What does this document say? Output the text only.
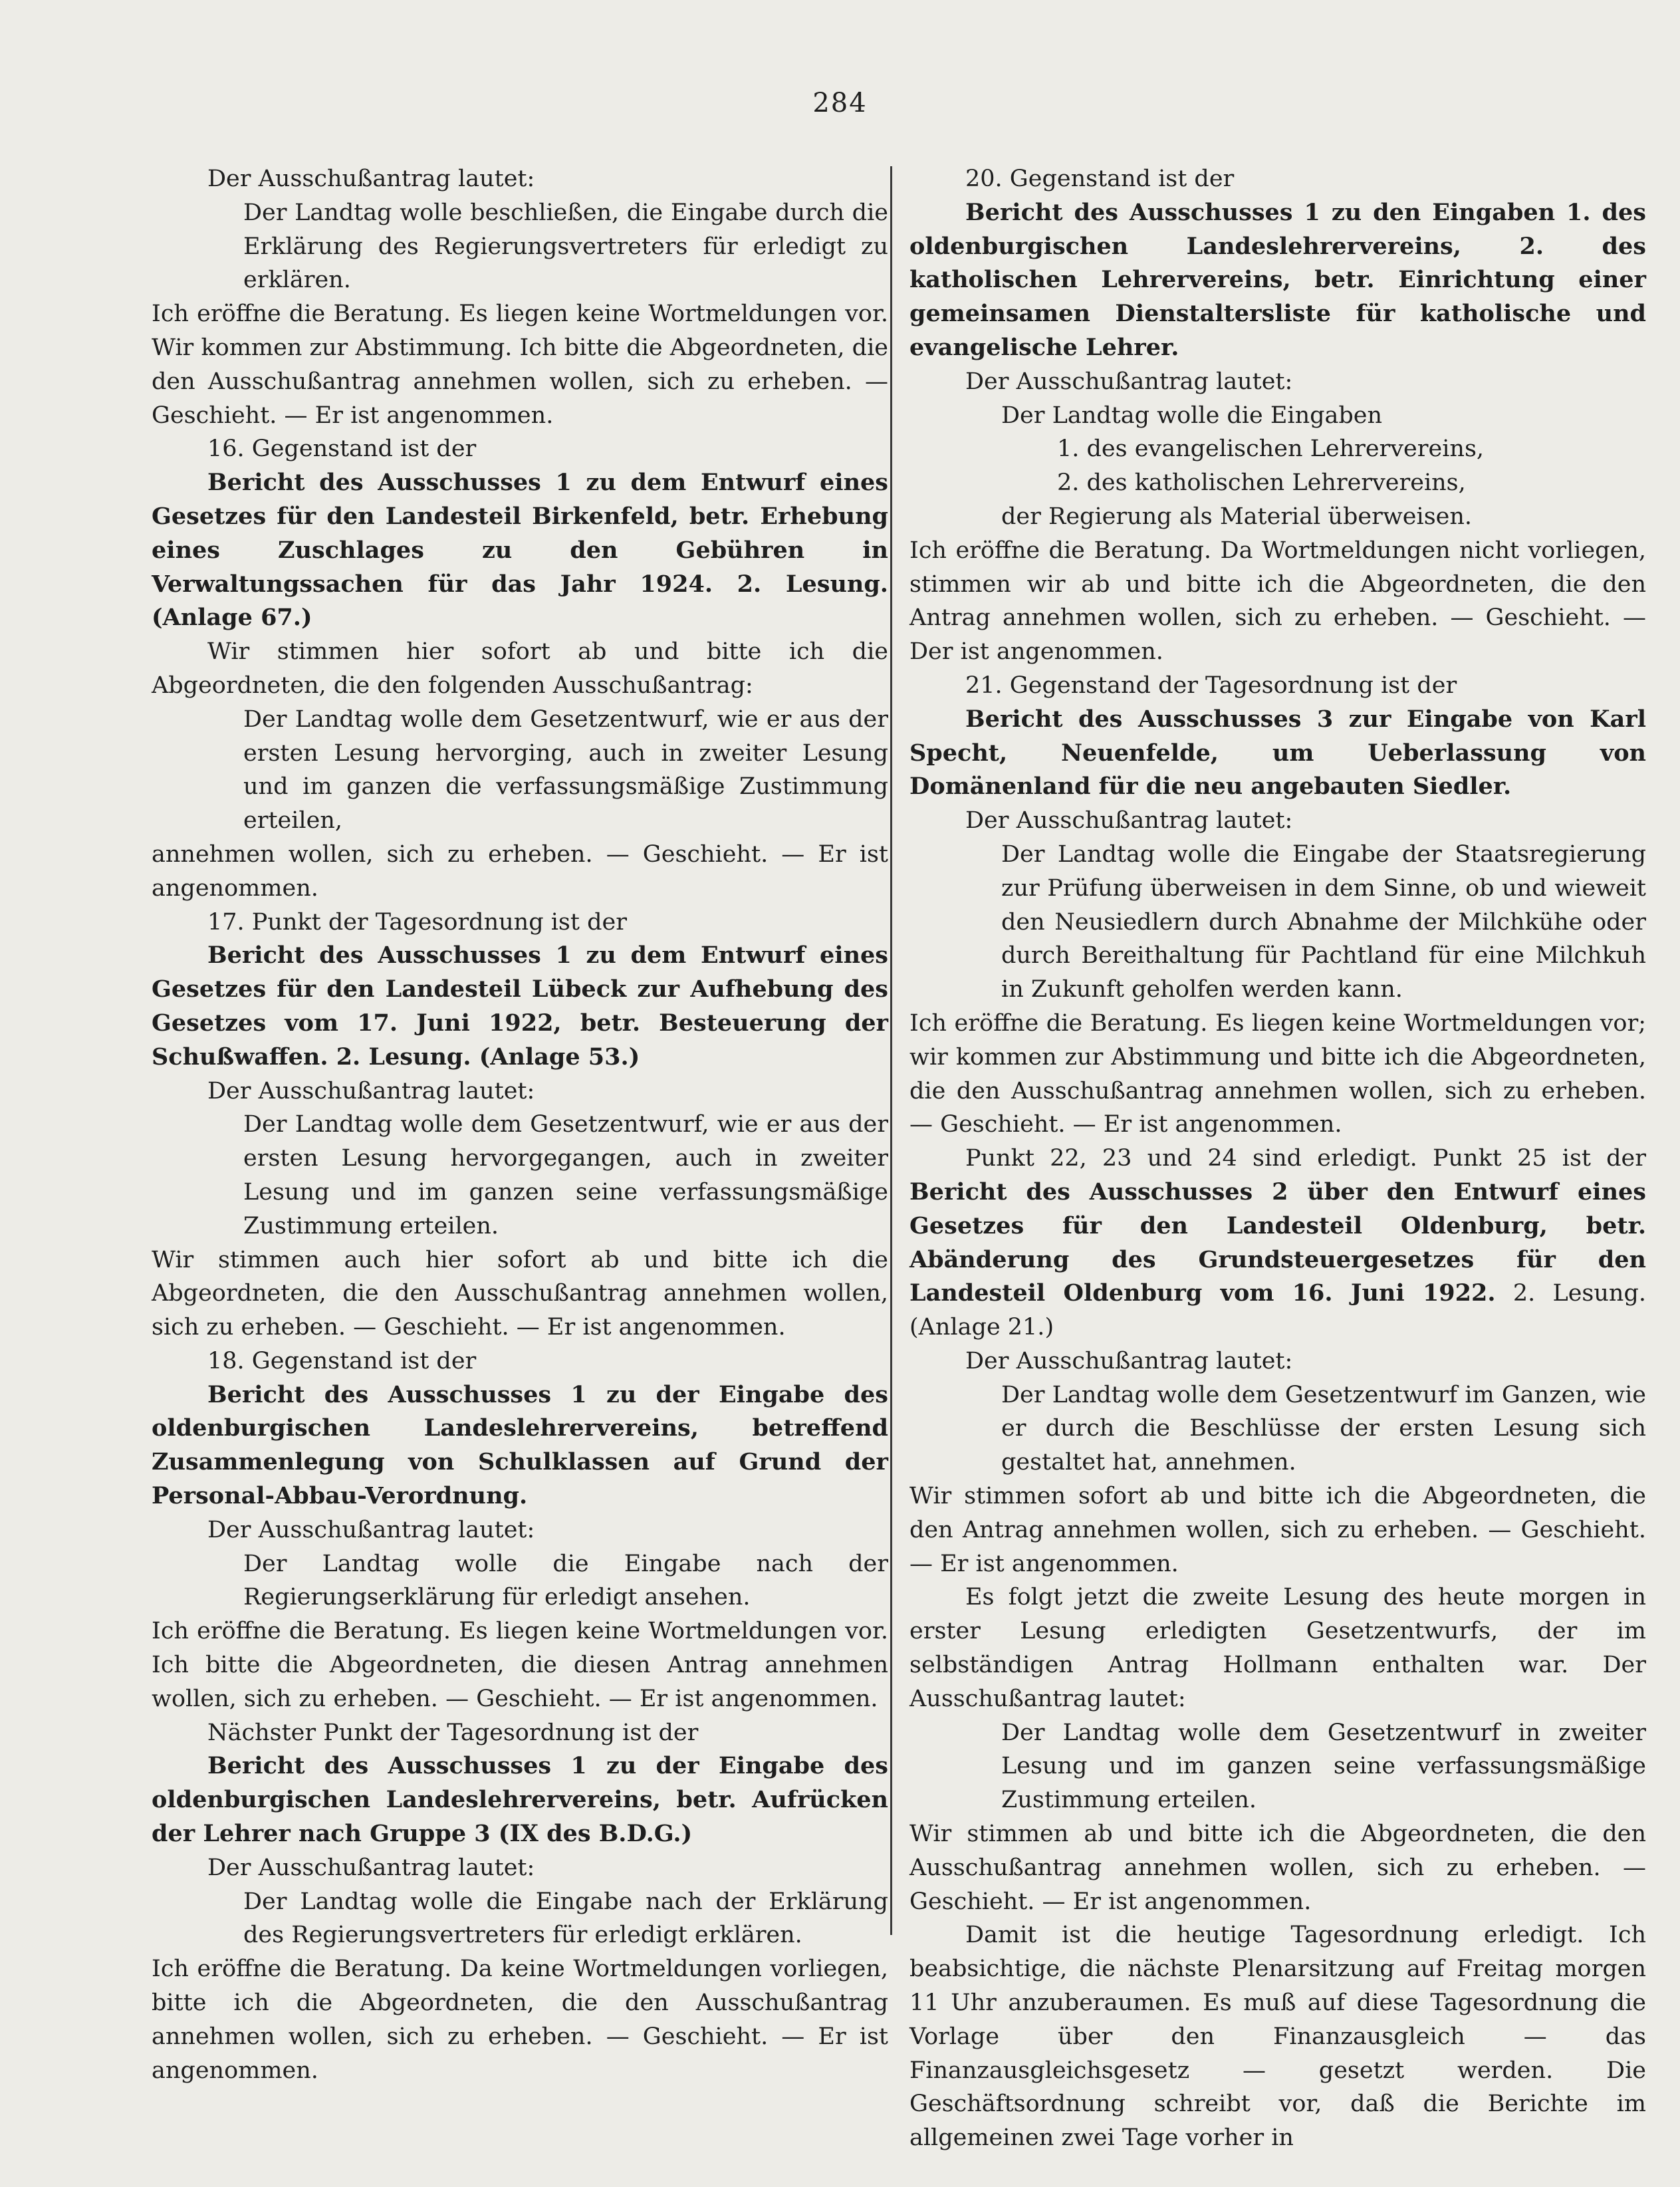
284

Der Ausschußantrag lautet:

Der Landtag wolle beschließen, die Eingabe durch die Erklärung des Regierungsvertreters für erledigt zu erklären.

Ich eröffne die Beratung. Es liegen keine Wortmeldungen vor. Wir kommen zur Abstimmung. Ich bitte die Abgeordneten, die den Ausschußantrag annehmen wollen, sich zu erheben. — Geschieht. — Er ist angenommen.

16. Gegenstand ist der

Bericht des Ausschusses 1 zu dem Entwurf eines Gesetzes für den Landesteil Birkenfeld, betr. Erhebung eines Zuschlages zu den Gebühren in Verwaltungssachen für das Jahr 1924. 2. Lesung. (Anlage 67.)

Wir stimmen hier sofort ab und bitte ich die Abgeordneten, die den folgenden Ausschußantrag:

Der Landtag wolle dem Gesetzentwurf, wie er aus der ersten Lesung hervorging, auch in zweiter Lesung und im ganzen die verfassungsmäßige Zustimmung erteilen,

annehmen wollen, sich zu erheben. — Geschieht. — Er ist angenommen.

17. Punkt der Tagesordnung ist der

Bericht des Ausschusses 1 zu dem Entwurf eines Gesetzes für den Landesteil Lübeck zur Aufhebung des Gesetzes vom 17. Juni 1922, betr. Besteuerung der Schußwaffen. 2. Lesung. (Anlage 53.)

Der Ausschußantrag lautet:

Der Landtag wolle dem Gesetzentwurf, wie er aus der ersten Lesung hervorgegangen, auch in zweiter Lesung und im ganzen seine verfassungsmäßige Zustimmung erteilen.

Wir stimmen auch hier sofort ab und bitte ich die Abgeordneten, die den Ausschußantrag annehmen wollen, sich zu erheben. — Geschieht. — Er ist angenommen.

18. Gegenstand ist der

Bericht des Ausschusses 1 zu der Eingabe des oldenburgischen Landeslehrervereins, betreffend Zusammenlegung von Schulklassen auf Grund der Personal-Abbau-Verordnung.

Der Ausschußantrag lautet:

Der Landtag wolle die Eingabe nach der Regierungserklärung für erledigt ansehen.

Ich eröffne die Beratung. Es liegen keine Wortmeldungen vor. Ich bitte die Abgeordneten, die diesen Antrag annehmen wollen, sich zu erheben. — Geschieht. — Er ist angenommen.

Nächster Punkt der Tagesordnung ist der

Bericht des Ausschusses 1 zu der Eingabe des oldenburgischen Landeslehrervereins, betr. Aufrücken der Lehrer nach Gruppe 3 (IX des B.D.G.)

Der Ausschußantrag lautet:

Der Landtag wolle die Eingabe nach der Erklärung des Regierungsvertreters für erledigt erklären.

Ich eröffne die Beratung. Da keine Wortmeldungen vorliegen, bitte ich die Abgeordneten, die den Ausschußantrag annehmen wollen, sich zu erheben. — Geschieht. — Er ist angenommen.

20. Gegenstand ist der

Bericht des Ausschusses 1 zu den Eingaben 1. des oldenburgischen Landeslehrervereins, 2. des katholischen Lehrervereins, betr. Einrichtung einer gemeinsamen Dienstaltersliste für katholische und evangelische Lehrer.

Der Ausschußantrag lautet:

Der Landtag wolle die Eingaben

1. des evangelischen Lehrervereins,

2. des katholischen Lehrervereins,

der Regierung als Material überweisen.

Ich eröffne die Beratung. Da Wortmeldungen nicht vorliegen, stimmen wir ab und bitte ich die Abgeordneten, die den Antrag annehmen wollen, sich zu erheben. — Geschieht. — Der ist angenommen.

21. Gegenstand der Tagesordnung ist der

Bericht des Ausschusses 3 zur Eingabe von Karl Specht, Neuenfelde, um Ueberlassung von Domänenland für die neu angebauten Siedler.

Der Ausschußantrag lautet:

Der Landtag wolle die Eingabe der Staatsregierung zur Prüfung überweisen in dem Sinne, ob und wieweit den Neusiedlern durch Abnahme der Milchkühe oder durch Bereithaltung für Pachtland für eine Milchkuh in Zukunft geholfen werden kann.

Ich eröffne die Beratung. Es liegen keine Wortmeldungen vor; wir kommen zur Abstimmung und bitte ich die Abgeordneten, die den Ausschußantrag annehmen wollen, sich zu erheben. — Geschieht. — Er ist angenommen.

Punkt 22, 23 und 24 sind erledigt. Punkt 25 ist der Bericht des Ausschusses 2 über den Entwurf eines Gesetzes für den Landesteil Oldenburg, betr. Abänderung des Grundsteuergesetzes für den Landesteil Oldenburg vom 16. Juni 1922. 2. Lesung. (Anlage 21.)

Der Ausschußantrag lautet:

Der Landtag wolle dem Gesetzentwurf im Ganzen, wie er durch die Beschlüsse der ersten Lesung sich gestaltet hat, annehmen.

Wir stimmen sofort ab und bitte ich die Abgeordneten, die den Antrag annehmen wollen, sich zu erheben. — Geschieht. — Er ist angenommen.

Es folgt jetzt die zweite Lesung des heute morgen in erster Lesung erledigten Gesetzentwurfs, der im selbständigen Antrag Hollmann enthalten war. Der Ausschußantrag lautet:

Der Landtag wolle dem Gesetzentwurf in zweiter Lesung und im ganzen seine verfassungsmäßige Zustimmung erteilen.

Wir stimmen ab und bitte ich die Abgeordneten, die den Ausschußantrag annehmen wollen, sich zu erheben. — Geschieht. — Er ist angenommen.

Damit ist die heutige Tagesordnung erledigt. Ich beabsichtige, die nächste Plenarsitzung auf Freitag morgen 11 Uhr anzuberaumen. Es muß auf diese Tagesordnung die Vorlage über den Finanzausgleich — das Finanzausgleichsgesetz — gesetzt werden. Die Geschäftsordnung schreibt vor, daß die Berichte im allgemeinen zwei Tage vorher in
